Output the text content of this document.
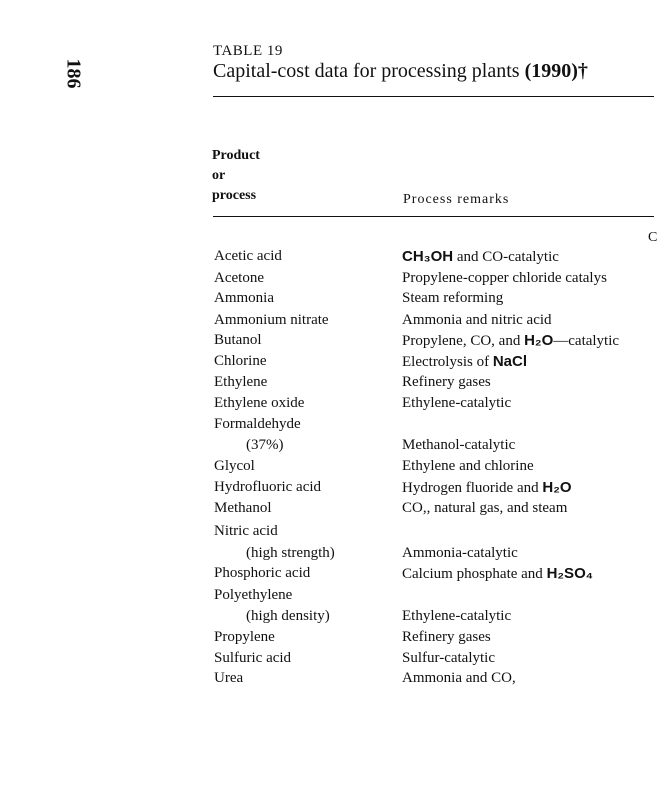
186
TABLE 19
Capital-cost data for processing plants (1990)†
Product
or
process	Process remarks
C
Acetic acid	CH₃OH and CO-catalytic
Acetone	Propylene-copper chloride catalys
Ammonia	Steam reforming
Ammonium nitrate	Ammonia and nitric acid
Butanol	Propylene, CO, and H₂O—catalytic
Chlorine	Electrolysis of NaCl
Ethylene	Refinery gases
Ethylene oxide	Ethylene-catalytic
Formaldehyde
(37%)	Methanol-catalytic
Glycol	Ethylene and chlorine
Hydrofluoric acid	Hydrogen fluoride and H₂O
Methanol	CO,, natural gas, and steam
Nitric acid
(high strength)	Ammonia-catalytic
Phosphoric acid	Calcium phosphate and H₂SO₄
Polyethylene
(high density)	Ethylene-catalytic
Propylene	Refinery gases
Sulfuric acid	Sulfur-catalytic
Urea	Ammonia and CO,
